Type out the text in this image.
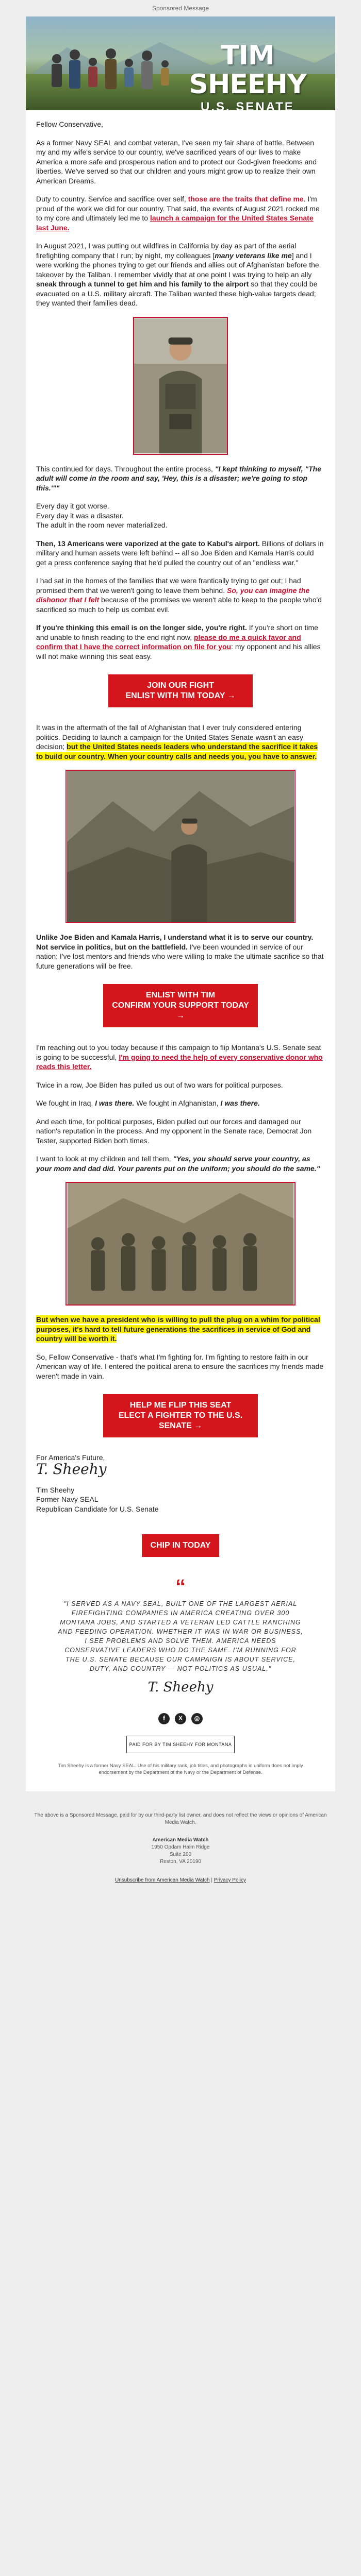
Sponsored Message
TIM SHEEHY
U.S. SENATE

Fellow Conservative,

As a former Navy SEAL and combat veteran, I've seen my fair share of battle. Between my and my wife's service to our country, we've sacrificed years of our lives to make America a more safe and prosperous nation and to protect our God-given freedoms and liberties. We've served so that our children and yours might grow up to realize their own American Dreams.

Duty to country. Service and sacrifice over self, those are the traits that define me. I'm proud of the work we did for our country. That said, the events of August 2021 rocked me to my core and ultimately led me to launch a campaign for the United States Senate last June.

In August 2021, I was putting out wildfires in California by day as part of the aerial firefighting company that I run; by night, my colleagues [many veterans like me] and I were working the phones trying to get our friends and allies out of Afghanistan before the takeover by the Taliban. I remember vividly that at one point I was trying to help an ally sneak through a tunnel to get him and his family to the airport so that they could be evacuated on a U.S. military aircraft. The Taliban wanted these high-value targets dead; they wanted their families dead.

This continued for days. Throughout the entire process, "I kept thinking to myself, "The adult will come in the room and say, 'Hey, this is a disaster; we're going to stop this.'""

Every day it got worse.
Every day it was a disaster.
The adult in the room never materialized.

Then, 13 Americans were vaporized at the gate to Kabul's airport. Billions of dollars in military and human assets were left behind -- all so Joe Biden and Kamala Harris could get a press conference saying that he'd pulled the country out of an "endless war."

I had sat in the homes of the families that we were frantically trying to get out; I had promised them that we weren't going to leave them behind. So, you can imagine the dishonor that I felt because of the promises we weren't able to keep to the people who'd sacrificed so much to help us combat evil.

If you're thinking this email is on the longer side, you're right. If you're short on time and unable to finish reading to the end right now, please do me a quick favor and confirm that I have the correct information on file for you: my opponent and his allies will not make winning this seat easy.

JOIN OUR FIGHT
ENLIST WITH TIM TODAY →

It was in the aftermath of the fall of Afghanistan that I ever truly considered entering politics. Deciding to launch a campaign for the United States Senate wasn't an easy decision; but the United States needs leaders who understand the sacrifice it takes to build our country. When your country calls and needs you, you have to answer.

Unlike Joe Biden and Kamala Harris, I understand what it is to serve our country. Not service in politics, but on the battlefield. I've been wounded in service of our nation; I've lost mentors and friends who were willing to make the ultimate sacrifice so that future generations will be free.

ENLIST WITH TIM
CONFIRM YOUR SUPPORT TODAY →

I'm reaching out to you today because if this campaign to flip Montana's U.S. Senate seat is going to be successful, I'm going to need the help of every conservative donor who reads this letter.

Twice in a row, Joe Biden has pulled us out of two wars for political purposes.

We fought in Iraq, I was there. We fought in Afghanistan, I was there.

And each time, for political purposes, Biden pulled out our forces and damaged our nation's reputation in the process. And my opponent in the Senate race, Democrat Jon Tester, supported Biden both times.

I want to look at my children and tell them, "Yes, you should serve your country, as your mom and dad did. Your parents put on the uniform; you should do the same."

But when we have a president who is willing to pull the plug on a whim for political purposes, it's hard to tell future generations the sacrifices in service of God and country will be worth it.

So, Fellow Conservative - that's what I'm fighting for. I'm fighting to restore faith in our American way of life. I entered the political arena to ensure the sacrifices my friends made weren't made in vain.

HELP ME FLIP THIS SEAT
ELECT A FIGHTER TO THE U.S. SENATE →
For America's Future,
T. Sheehy
Tim Sheehy
Former Navy SEAL
Republican Candidate for U.S. Senate
CHIP IN TODAY
“
"I SERVED AS A NAVY SEAL, BUILT ONE OF THE LARGEST AERIAL FIREFIGHTING COMPANIES IN AMERICA CREATING OVER 300 MONTANA JOBS, AND STARTED A VETERAN LED CATTLE RANCHING AND FEEDING OPERATION. WHETHER IT WAS IN WAR OR BUSINESS, I SEE PROBLEMS AND SOLVE THEM. AMERICA NEEDS CONSERVATIVE LEADERS WHO DO THE SAME. I'M RUNNING FOR THE U.S. SENATE BECAUSE OUR CAMPAIGN IS ABOUT SERVICE, DUTY, AND COUNTRY — NOT POLITICS AS USUAL."
T. Sheehy
f	X	◎
PAID FOR BY TIM SHEEHY FOR MONTANA
Tim Sheehy is a former Navy SEAL. Use of his military rank, job titles, and photographs in uniform does not imply endorsement by the Department of the Navy or the Department of Defense.
The above is a Sponsored Message, paid for by our third-party list owner, and does not reflect the views or opinions of American Media Watch.
American Media Watch
1950 Opdam Haim Ridge
Suite 200
Reston, VA 20190
Unsubscribe from American Media Watch | Privacy Policy
